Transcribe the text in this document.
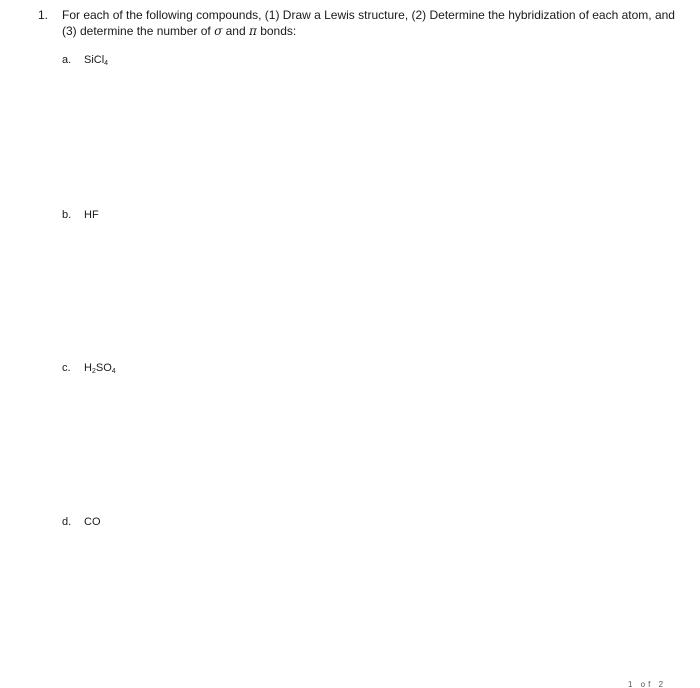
1. For each of the following compounds, (1) Draw a Lewis structure, (2) Determine the hybridization of each atom, and (3) determine the number of σ and π bonds:
a. SiCl$_4$
b. HF
c. $H_2SO_4$
d. CO
1 of 2
